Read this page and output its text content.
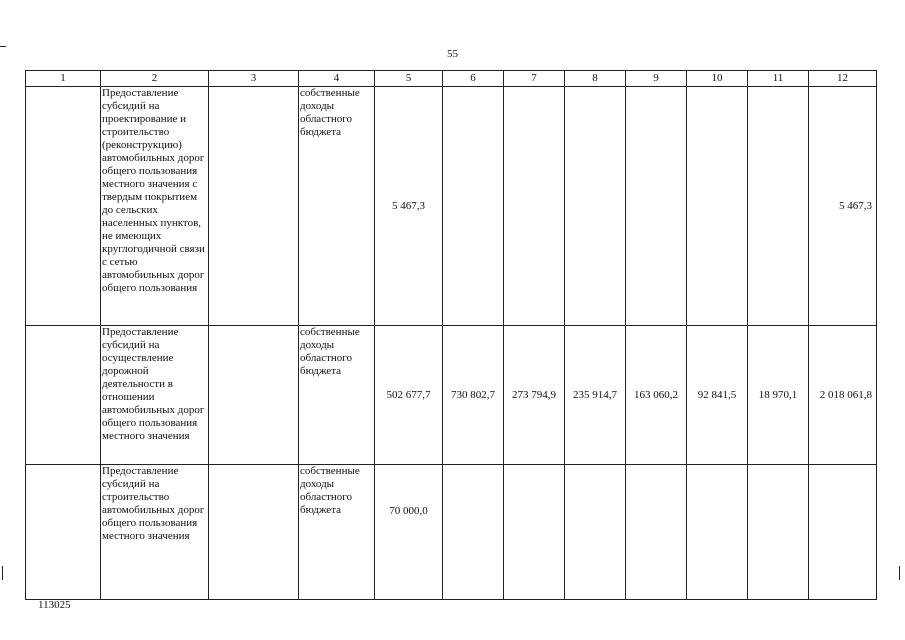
55
1	2	3	4	5	6	7	8	9	10	11	12
	Предоставление субсидий на проектирование и строительство (реконструкцию) автомобильных дорог общего пользования местного значения с твердым покрытием до сельских населенных пунктов, не имеющих круглогодичной связи с сетью автомобильных дорог общего пользования		собственные доходы областного бюджета	5 467,3							5 467,3
	Предоставление субсидий на осуществление дорожной деятельности в отношении автомобильных дорог общего пользования местного значения		собственные доходы областного бюджета	502 677,7	730 802,7	273 794,9	235 914,7	163 060,2	92 841,5	18 970,1	2 018 061,8
	Предоставление субсидий на строительство автомобильных дорог общего пользования местного значения		собственные доходы областного бюджета	70 000,0							
113025
